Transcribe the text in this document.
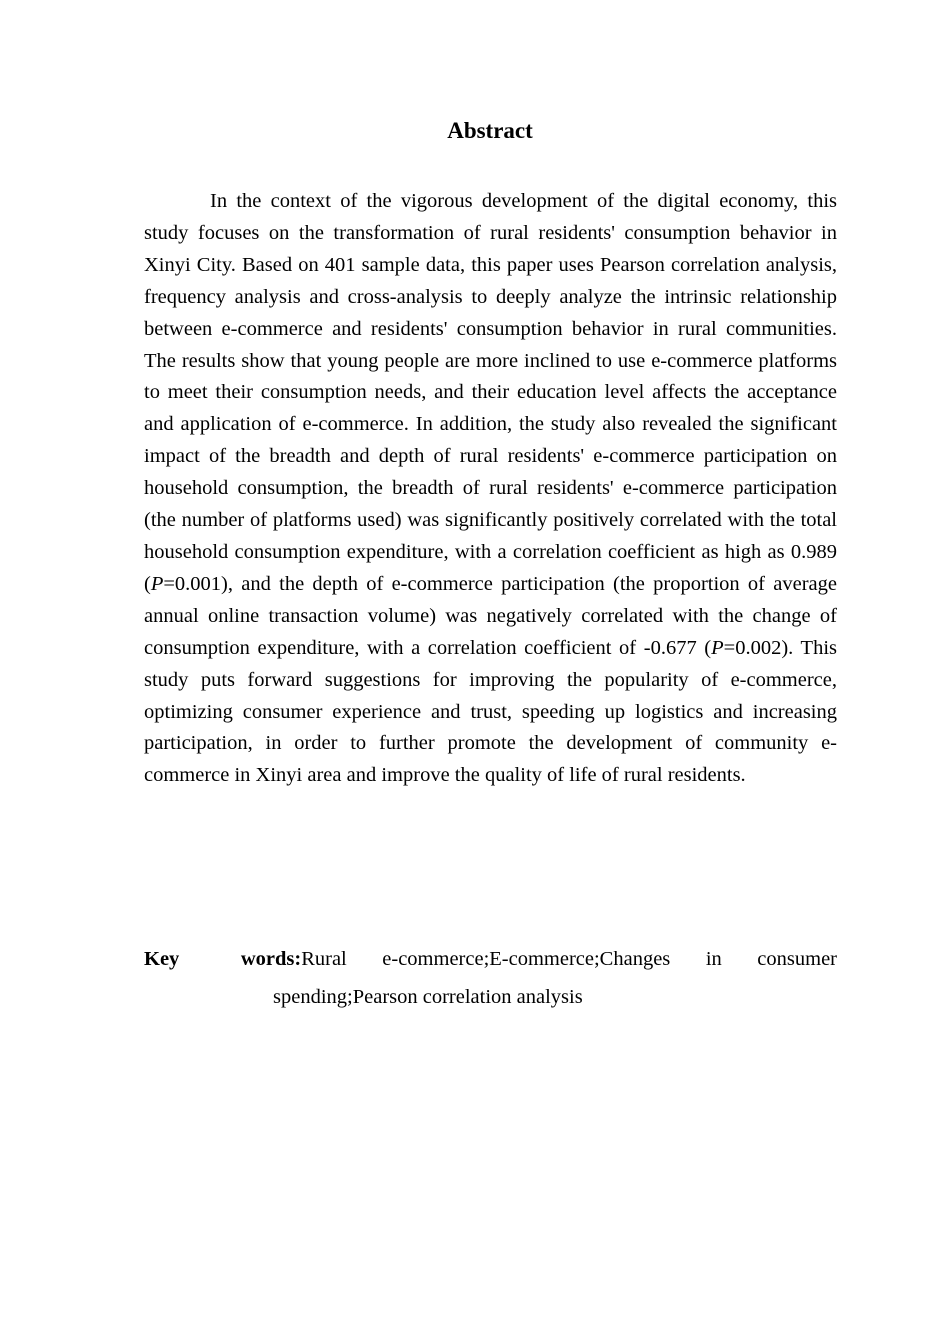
Abstract

In the context of the vigorous development of the digital economy, this study focuses on the transformation of rural residents' consumption behavior in Xinyi City. Based on 401 sample data, this paper uses Pearson correlation analysis, frequency analysis and cross-analysis to deeply analyze the intrinsic relationship between e-commerce and residents' consumption behavior in rural communities. The results show that young people are more inclined to use e-commerce platforms to meet their consumption needs, and their education level affects the acceptance and application of e-commerce. In addition, the study also revealed the significant impact of the breadth and depth of rural residents' e-commerce participation on household consumption, the breadth of rural residents' e-commerce participation (the number of platforms used) was significantly positively correlated with the total household consumption expenditure, with a correlation coefficient as high as 0.989 (P=0.001), and the depth of e-commerce participation (the proportion of average annual online transaction volume) was negatively correlated with the change of consumption expenditure, with a correlation coefficient of -0.677 (P=0.002). This study puts forward suggestions for improving the popularity of e-commerce, optimizing consumer experience and trust, speeding up logistics and increasing participation, in order to further promote the development of community e-commerce in Xinyi area and improve the quality of life of rural residents.

Key words:Rural e-commerce;E-commerce;Changes in consumer spending;Pearson correlation analysis
